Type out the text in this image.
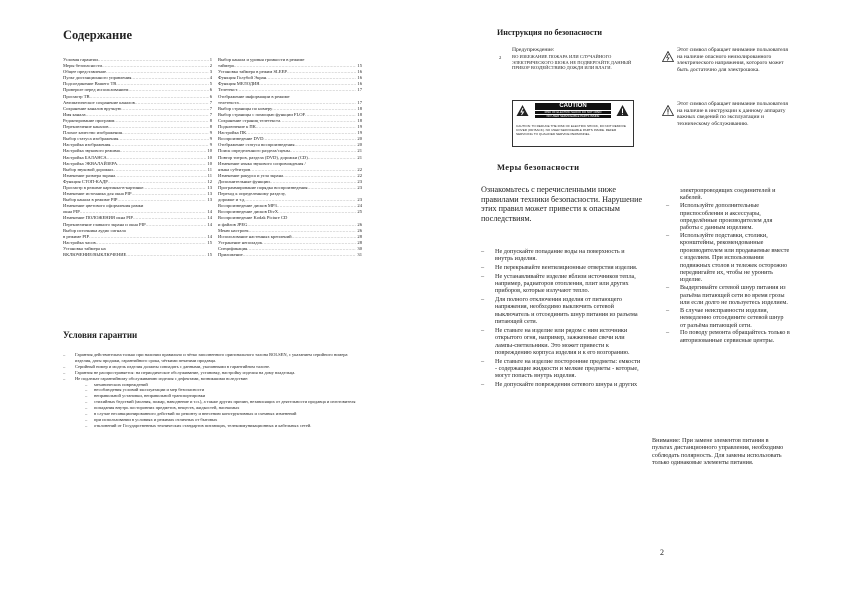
Содержание
Условия гарантии .....	1
Меры безопасности .....	2
Общее представление .....	3
Пульт дистанционного управления .....	4
Подсоединение Вашего ТВ .....	5
Проверьте перед использованием .....	6
Просмотр ТВ .....	6
Автоматическое сохранение каналов .....	7
Сохранение каналов вручную .....	7
Имя канала .....	7
Редактирование программ .....	8
Переключение каналов .....	8
Плохое качество изображения .....	9
Выбор статуса изображения .....	9
Настройка изображения .....	9
Настройка звукового режима .....	10
Настройка БАЛАНСА .....	10
Настройка ЭКВАЛАЙЗЕРА .....	10
Выбор звуковой дорожки .....	11
Изменение размера экрана .....	11
Функция СТОП-КАДР .....	12
Просмотр в режиме картинка-в-картинке .....	13
Изменение источника для окна PIP .....	13
Выбор канала в режиме PIP .....	13
Изменение цветового оформления рамки
окна PIP .....	14
Изменение ПОЛОЖЕНИЯ окна PIP .....	14
Переключение главного экрана и окна PIP .....	14
Выбор источника аудио сигнала
в режиме PIP .....	14
Настройка часов .....	15
Установка таймера на
ВКЛЮЧЕНИЕ/ВЫКЛЮЧЕНИЕ .....	15
Выбор канала и уровня громкости в режиме
таймера .....	15
Установка таймера в режим SLEEP .....	16
Функция Голубой Экран .....	16
Функция МЕЛОДИЯ .....	16
Телетекст .....	17
Отображение информации в режиме
телетекста .....	17
Выбор страницы по номеру .....	18
Выбор страницы с помощью функции FLOF .....	18
Сохранение страниц телетекста .....	18
Подключение к ПК .....	19
Настройка ПК .....	19
Воспроизведение DVD .....	20
Отображение статуса воспроизведения .....	20
Поиск определенного раздела/сцены .....	21
Повтор титров, раздела (DVD), дорожки (CD) .....	21
Изменение языка звукового сопровождения /
языка субтитров .....	22
Изменение ракурса и угла экрана .....	22
Дополнительные функции .....	23
Программирование порядка воспроизведения .....	23
Переход к определенному разделу,
дорожке и т.д. .....	23
Воспроизведение дисков MP3 .....	24
Воспроизведение дисков DivX .....	25
Воспроизведение Kodak Picture CD
и файлов JPEG .....	26
Меню настроек .....	26
Использование настенных креплений .....	28
Устранение неполадок .....	28
Спецификация .....	30
Приложение .....	31
Условия гарантии
–	Гарантия действительна только при наличии правильно и чётко заполненного оригинального талона ROLSEN, с указанием серийного номера изделия, даты продажи, гарантийного срока, чёткими печатями продавца.
–	Серийный номер и модель изделия должны совпадать с данными, указанными в гарантийном талоне.
–	Гарантия не распространяется: на периодическое обслуживание, установку, настройку изделия на дому владельца.
–	Не подлежат гарантийному обслуживанию изделия с дефектами, возникшими вследствие:
–	механических повреждений
–	несоблюдения условий эксплуатации и мер безопасности
–	неправильной установки, неправильной транспортировки
–	стихийных бедствий (молния, пожар, наводнение и т.п.), а также других причин, независящих от деятельности продавца и изготовителя
–	попадания внутрь посторонних предметов, веществ, жидкостей, насекомых
–	в случае несанкционированного действий по ремонту и внесению конструктивных и схемных изменений
–	при использовании в условиях и режимах отличных от бытовых
–	отклонений от Государственных технических стандартов питающих, телекоммуникационных и кабельных сетей.
Инструкция по безопасности
2
Предупреждение:
ВО ИЗБЕЖАНИЕ ПОЖАРА ИЛИ СЛУЧАЙНОГО ЭЛЕКТРИЧЕСКОГО ШОКА НЕ ПОДВЕРГАЙТЕ ДАННЫЙ ПРИБОР ВОЗДЕЙСТВИЮ ДОЖДЯ ИЛИ ВЛАГИ.
CAUTION
RISK OF ELECTRIC SHOCK DO NOT OPEN
NO USER SERVICEABLE PARTS INSIDE
CAUTION: TO REDUCE THE RISK OF ELECTRIC SHOCK, DO NOT REMOVE COVER (OR BACK). NO USER SERVICEABLE PARTS INSIDE. REFER SERVICING TO QUALIFIED SERVICE PERSONNEL.
Этот символ обращает внимание пользователя на наличие опасного неизолированного электрического напряжения, которого может быть достаточно для электрошока.
Этот символ обращает внимание пользователя на наличие в инструкции к данному аппарату важных сведений по эксплуатации и техническому обслуживанию.
Меры безопасности
Ознакомьтесь с перечисленными ниже правилами техники безопасности. Нарушение этих правил может привести к опасным последствиям.
–	Не допускайте попадание воды на поверхность и внутрь изделия.
–	Не перекрывайте вентиляционные отверстия изделия.
–	Не устанавливайте изделие вблизи источников тепла, например, радиаторов отопления, плит или других приборов, которые излучают тепло.
–	Для полного отключения изделия от питающего напряжения, необходимо выключить сетевой выключатель и отсоединить шнур питания из разъема питающей сети.
–	Не ставьте на изделие или рядом с ним источники открытого огня, например, зажженные свечи или лампы-светильники. Это может привести к повреждению корпуса изделия и к его возгоранию.
–	Не ставьте на изделие посторонние предметы: емкости - содержащие жидкости и мелкие предметы - которые, могут попасть внутрь изделия.
–	Не допускайте повреждения сетевого шнура и других
электропроводящих соединителей и кабелей.
–	Используйте дополнительные приспособления и аксессуары, определённые производителем для работы с данным изделием.
–	Используйте подставки, столики, кронштейны, рекомендованные производителем или продаваемые вместе с изделием. При использовании подвижных столов и тележек осторожно передвигайте их, чтобы не уронить изделие.
–	Выдергивайте сетевой шнур питания из разъёма питающей сети во время грозы или если долго не пользуетесь изделием.
–	В случае неисправности изделия, немедленно отсоедините сетевой шнур от разъёма питающей сети.
–	По поводу ремонта обращайтесь только в авторизованные сервисные центры.
Внимание: При замене элементов питания в пультах дистанционного управления, необходимо соблюдать полярность. Для замены использовать только одинаковые элементы питания.
2
